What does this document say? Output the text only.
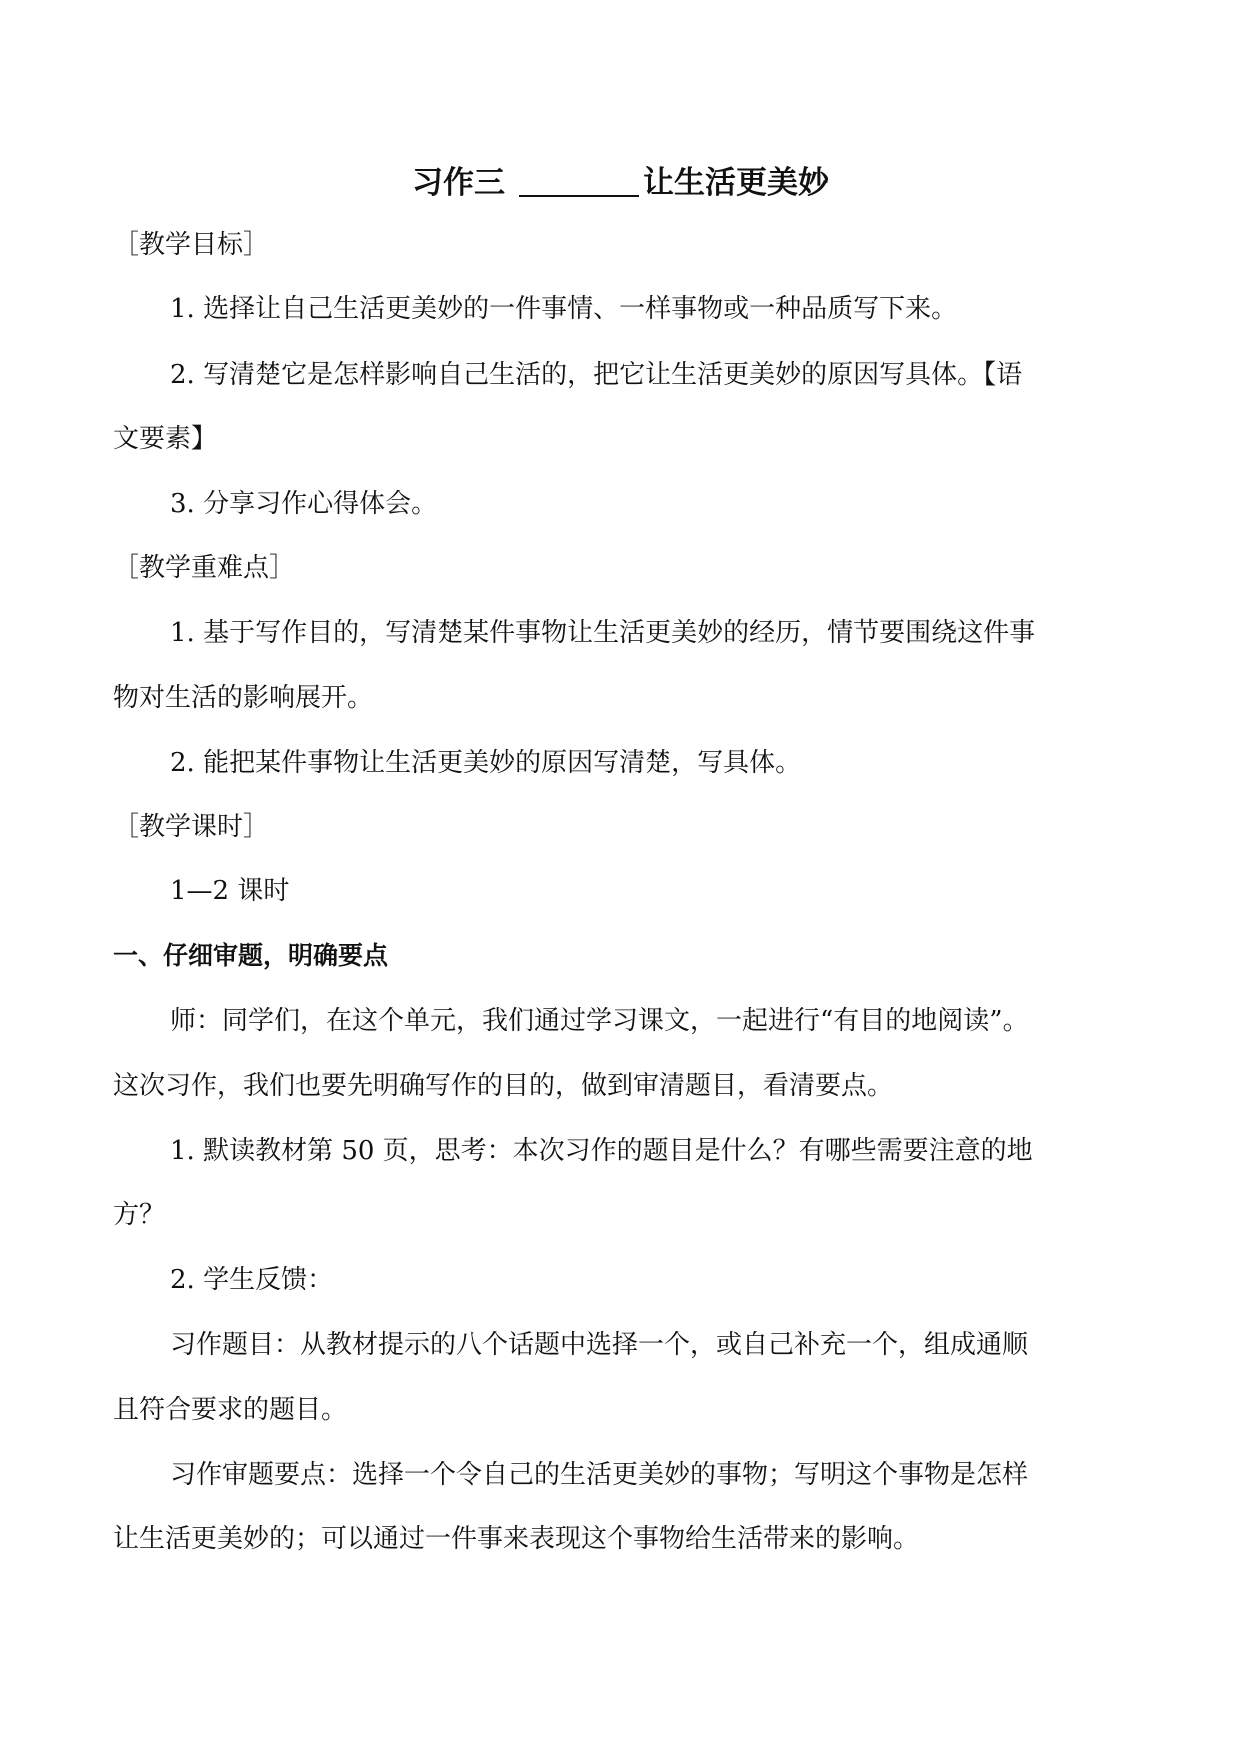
习作三	让生活更美妙
［教学目标］
1. 选择让自己生活更美妙的一件事情、一样事物或一种品质写下来。
2. 写清楚它是怎样影响自己生活的，把它让生活更美妙的原因写具体。【语
文要素】
3. 分享习作心得体会。
［教学重难点］
1. 基于写作目的，写清楚某件事物让生活更美妙的经历，情节要围绕这件事
物对生活的影响展开。
2. 能把某件事物让生活更美妙的原因写清楚，写具体。
［教学课时］
1—2 课时
一、仔细审题，明确要点
师：同学们，在这个单元，我们通过学习课文，一起进行“有目的地阅读”。
这次习作，我们也要先明确写作的目的，做到审清题目，看清要点。
1. 默读教材第 50 页，思考：本次习作的题目是什么？有哪些需要注意的地
方？
2. 学生反馈：
习作题目：从教材提示的八个话题中选择一个，或自己补充一个，组成通顺
且符合要求的题目。
习作审题要点：选择一个令自己的生活更美妙的事物；写明这个事物是怎样
让生活更美妙的；可以通过一件事来表现这个事物给生活带来的影响。
